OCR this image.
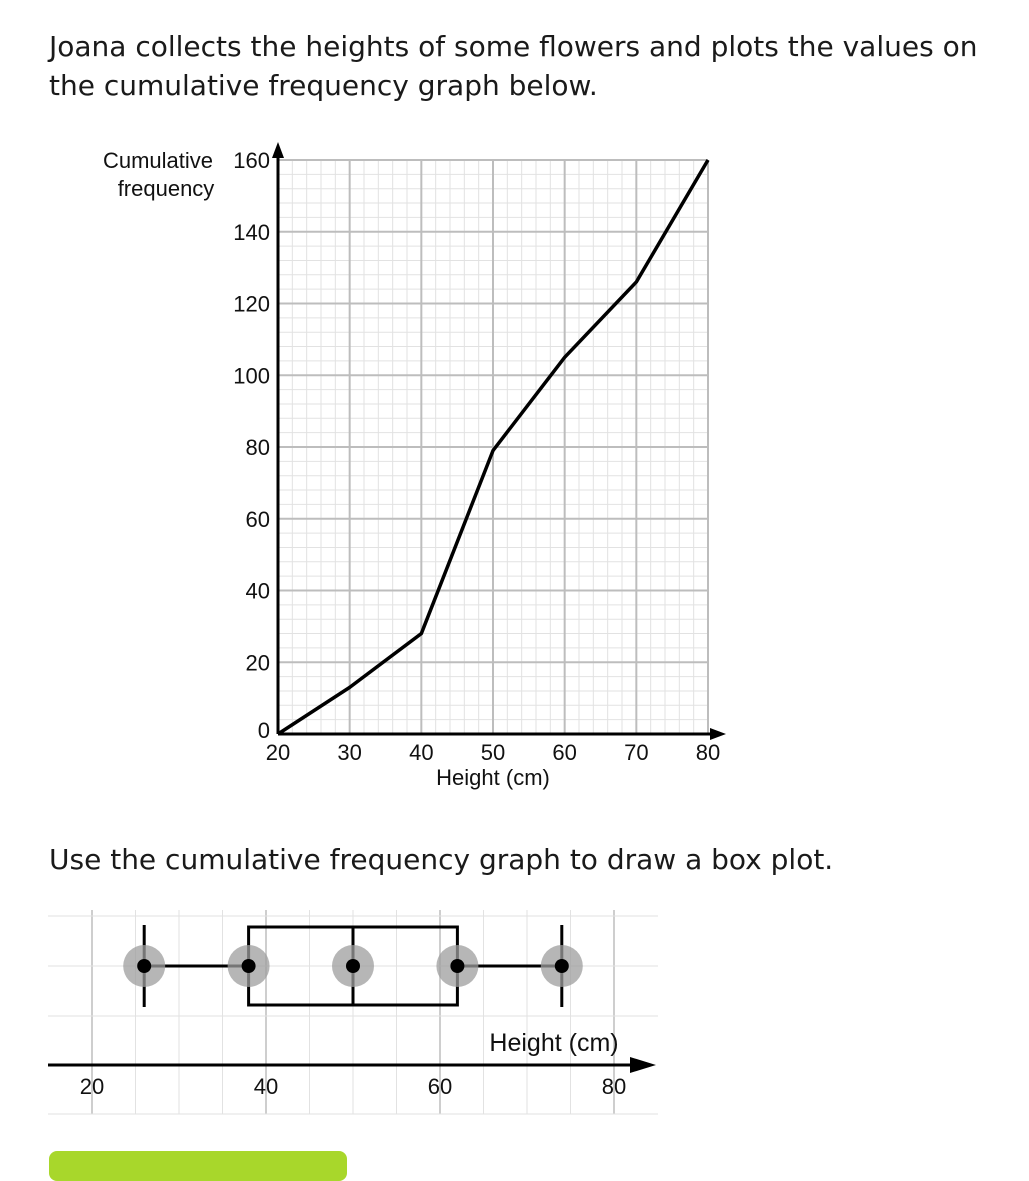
Joana collects the heights of some flowers and plots the values on the cumulative frequency graph below.

20 30 40 50 60 70 80
0
20
40
60
80
100
120
140
160
Cumulative
frequency
Height (cm)

Use the cumulative frequency graph to draw a box plot.

20	40	60	80
Height (cm)
